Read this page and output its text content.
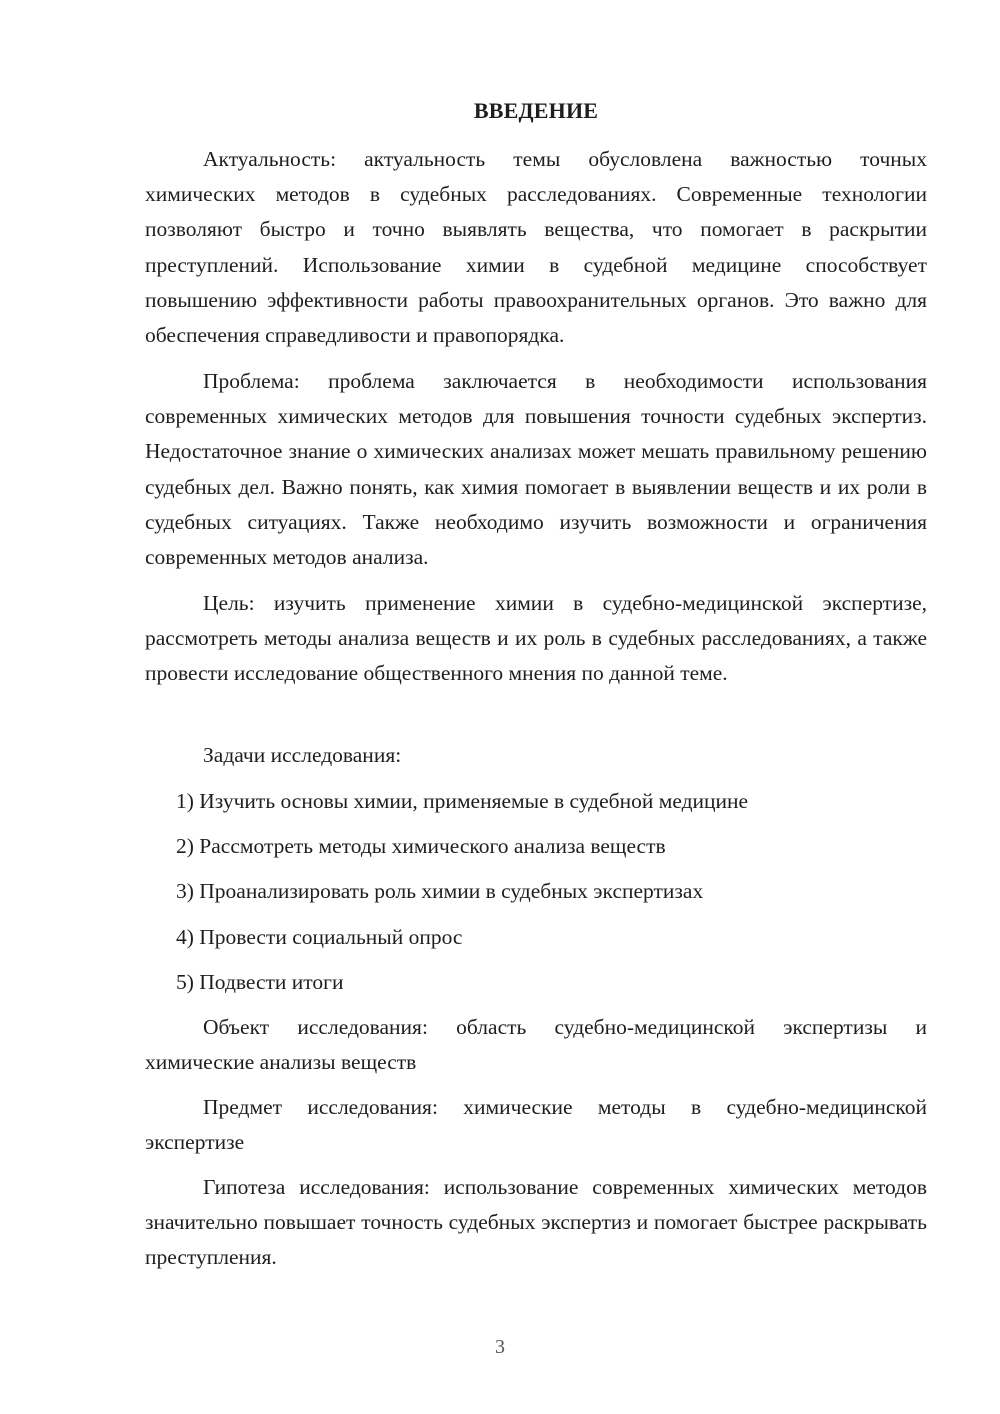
ВВЕДЕНИЕ

Актуальность: актуальность темы обусловлена важностью точных химических методов в судебных расследованиях. Современные технологии позволяют быстро и точно выявлять вещества, что помогает в раскрытии преступлений. Использование химии в судебной медицине способствует повышению эффективности работы правоохранительных органов. Это важно для обеспечения справедливости и правопорядка.

Проблема: проблема заключается в необходимости использования современных химических методов для повышения точности судебных экспертиз. Недостаточное знание о химических анализах может мешать правильному решению судебных дел. Важно понять, как химия помогает в выявлении веществ и их роли в судебных ситуациях. Также необходимо изучить возможности и ограничения современных методов анализа.

Цель: изучить применение химии в судебно-медицинской экспертизе, рассмотреть методы анализа веществ и их роль в судебных расследованиях, а также провести исследование общественного мнения по данной теме.

Задачи исследования:

1) Изучить основы химии, применяемые в судебной медицине

2) Рассмотреть методы химического анализа веществ

3) Проанализировать роль химии в судебных экспертизах

4) Провести социальный опрос

5) Подвести итоги

Объект исследования: область судебно-медицинской экспертизы и химические анализы веществ

Предмет исследования: химические методы в судебно-медицинской экспертизе

Гипотеза исследования: использование современных химических методов значительно повышает точность судебных экспертиз и помогает быстрее раскрывать преступления.

3
